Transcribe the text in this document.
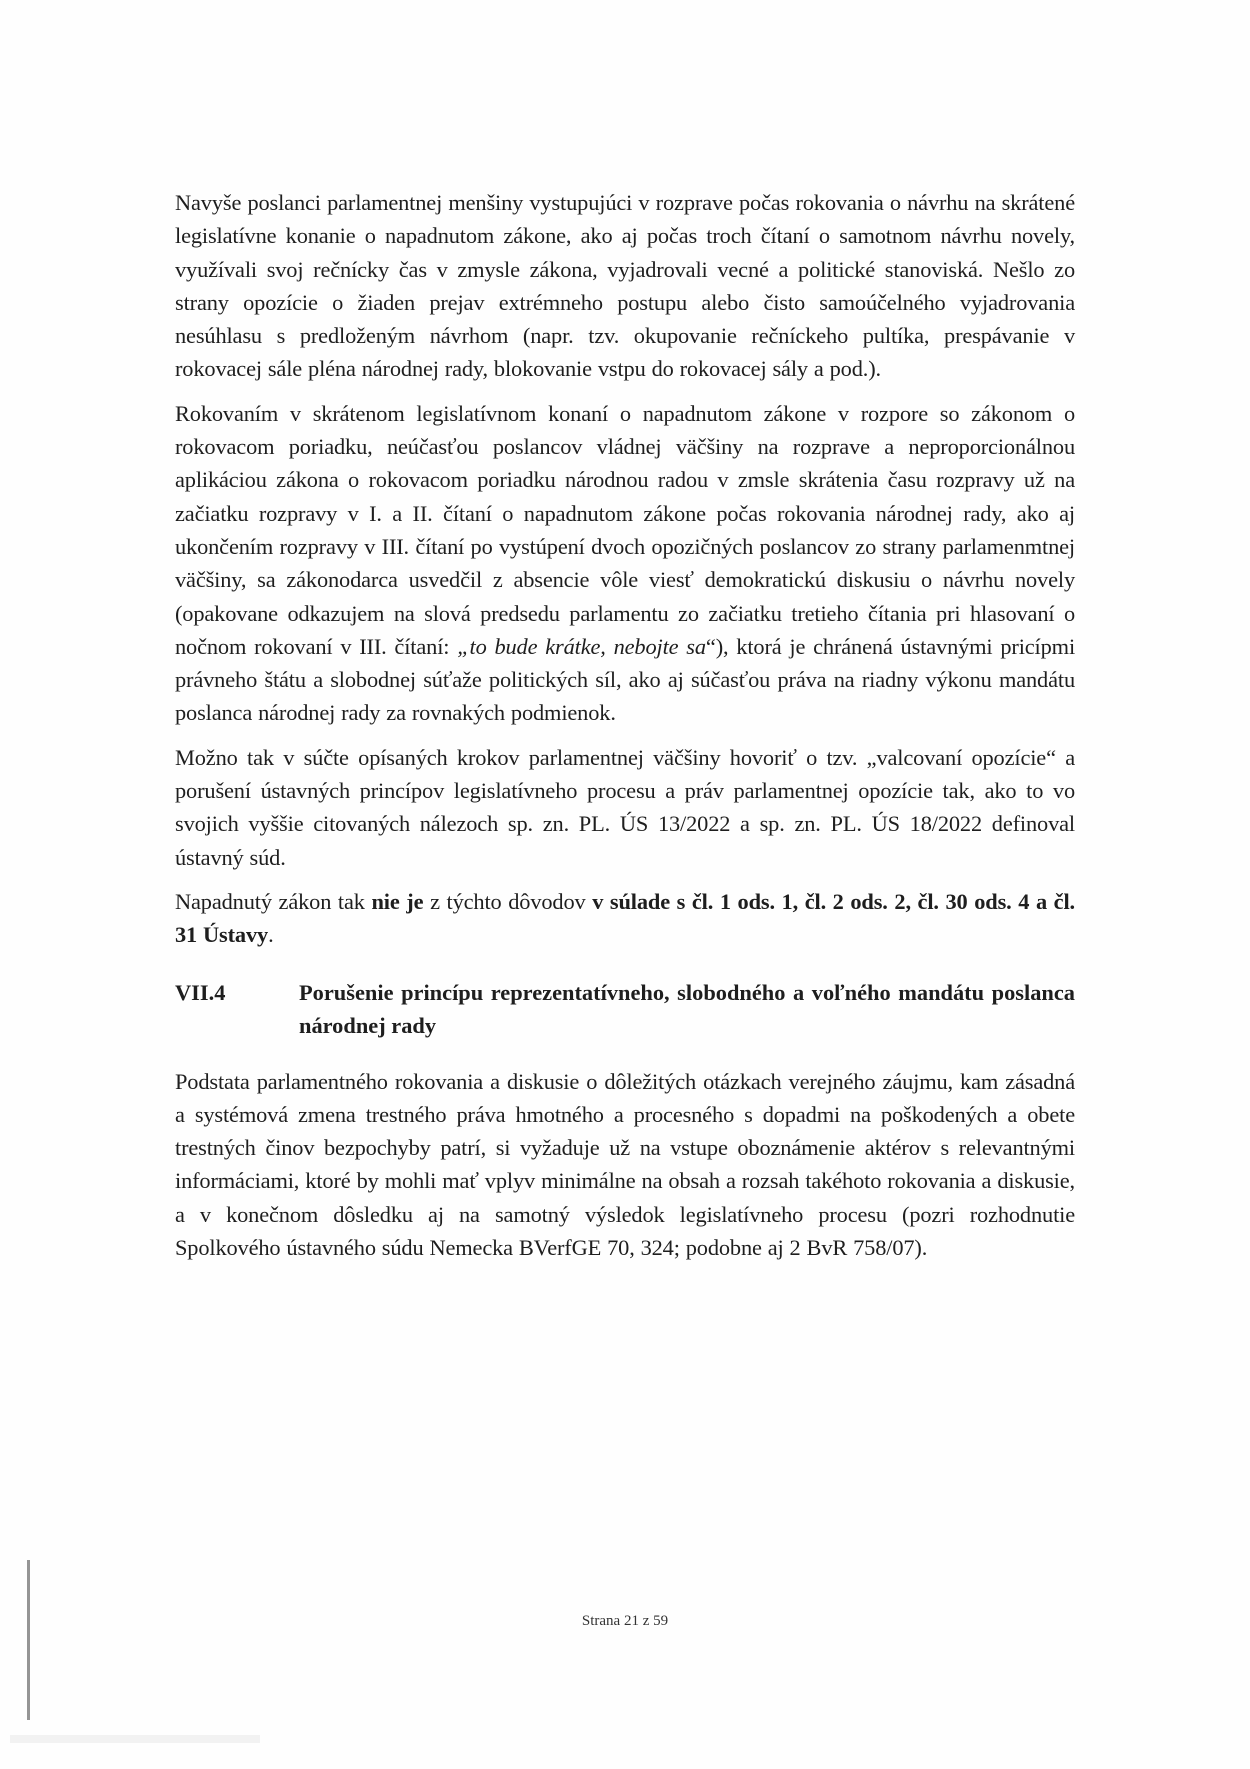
Navyše poslanci parlamentnej menšiny vystupujúci v rozprave počas rokovania o návrhu na skrátené legislatívne konanie o napadnutom zákone, ako aj počas troch čítaní o samotnom návrhu novely, využívali svoj rečnícky čas v zmysle zákona, vyjadrovali vecné a politické stanoviská. Nešlo zo strany opozície o žiaden prejav extrémneho postupu alebo čisto samoúčelného vyjadrovania nesúhlasu s predloženým návrhom (napr. tzv. okupovanie rečníckeho pultíka, prespávanie v rokovacej sále pléna národnej rady, blokovanie vstpu do rokovacej sály a pod.).

Rokovaním v skrátenom legislatívnom konaní o napadnutom zákone v rozpore so zákonom o rokovacom poriadku, neúčasťou poslancov vládnej väčšiny na rozprave a neproporcionálnou aplikáciou zákona o rokovacom poriadku národnou radou v zmsle skrátenia času rozpravy už na začiatku rozpravy v I. a II. čítaní o napadnutom zákone počas rokovania národnej rady, ako aj ukončením rozpravy v III. čítaní po vystúpení dvoch opozičných poslancov zo strany parlamenmtnej väčšiny, sa zákonodarca usvedčil z absencie vôle viesť demokratickú diskusiu o návrhu novely (opakovane odkazujem na slová predsedu parlamentu zo začiatku tretieho čítania pri hlasovaní o nočnom rokovaní v III. čítaní: „to bude krátke, nebojte sa“), ktorá je chránená ústavnými pricípmi právneho štátu a slobodnej súťaže politických síl, ako aj súčasťou práva na riadny výkonu mandátu poslanca národnej rady za rovnakých podmienok.

Možno tak v súčte opísaných krokov parlamentnej väčšiny hovoriť o tzv. „valcovaní opozície“ a porušení ústavných princípov legislatívneho procesu a práv parlamentnej opozície tak, ako to vo svojich vyššie citovaných nálezoch sp. zn. PL. ÚS 13/2022 a sp. zn. PL. ÚS 18/2022 definoval ústavný súd.

Napadnutý zákon tak nie je z týchto dôvodov v súlade s čl. 1 ods. 1, čl. 2 ods. 2, čl. 30 ods. 4 a čl. 31 Ústavy.

VII.4	Porušenie princípu reprezentatívneho, slobodného a voľného mandátu poslanca národnej rady

Podstata parlamentného rokovania a diskusie o dôležitých otázkach verejného záujmu, kam zásadná a systémová zmena trestného práva hmotného a procesného s dopadmi na poškodených a obete trestných činov bezpochyby patrí, si vyžaduje už na vstupe oboznámenie aktérov s relevantnými informáciami, ktoré by mohli mať vplyv minimálne na obsah a rozsah takéhoto rokovania a diskusie, a v konečnom dôsledku aj na samotný výsledok legislatívneho procesu (pozri rozhodnutie Spolkového ústavného súdu Nemecka BVerfGE 70, 324; podobne aj 2 BvR 758/07).

Strana 21 z 59
